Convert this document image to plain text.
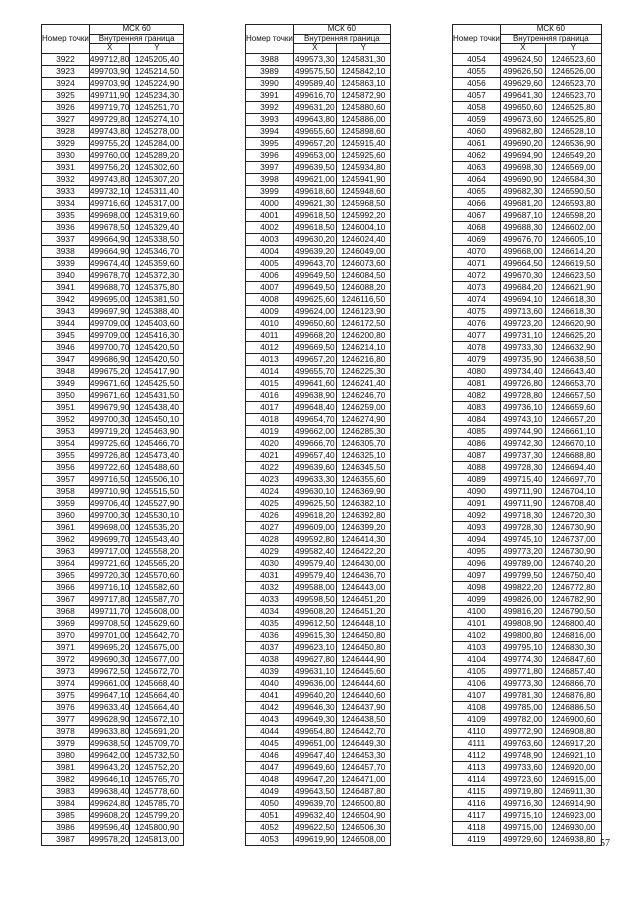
Номер точки	МСК 60	
	Внутренняя граница	
	X	Y
3922	499712,80	1245205,40
3923	499703,90	1245214,50
3924	499703,90	1245224,90
3925	499711,90	1245234,30
3926	499719,70	1245251,70
3927	499729,80	1245274,10
3928	499743,80	1245278,00
3929	499755,20	1245284,00
3930	499760,00	1245289,20
3931	499756,20	1245302,60
3932	499743,80	1245307,20
3933	499732,10	1245311,40
3934	499716,60	1245317,00
3935	499698,00	1245319,60
3936	499678,50	1245329,40
3937	499664,90	1245338,50
3938	499664,90	1245346,70
3939	499674,40	1245359,60
3940	499678,70	1245372,30
3941	499688,70	1245375,80
3942	499695,00	1245381,50
3943	499697,90	1245388,40
3944	499709,00	1245403,60
3945	499709,00	1245416,30
3946	499700,70	1245420,50
3947	499686,90	1245420,50
3948	499675,20	1245417,90
3949	499671,60	1245425,50
3950	499671,60	1245431,50
3951	499679,90	1245438,40
3952	499700,30	1245450,10
3953	499719,20	1245463,90
3954	499725,60	1245466,70
3955	499726,80	1245473,40
3956	499722,60	1245488,60
3957	499716,50	1245506,10
3958	499710,90	1245515,50
3959	499706,40	1245527,90
3960	499700,30	1245530,10
3961	499698,00	1245535,20
3962	499699,70	1245543,40
3963	499717,00	1245558,20
3964	499721,60	1245565,20
3965	499720,30	1245570,60
3966	499716,10	1245582,60
3967	499717,80	1245587,70
3968	499711,70	1245608,00
3969	499708,50	1245629,60
3970	499701,00	1245642,70
3971	499695,20	1245675,00
3972	499690,30	1245677,00
3973	499672,50	1245672,70
3974	499661,00	1245668,40
3975	499647,10	1245664,40
3976	499633,40	1245664,40
3977	499628,90	1245672,10
3978	499633,80	1245691,20
3979	499638,50	1245709,70
3980	499642,00	1245732,50
3981	499643,20	1245752,20
3982	499646,10	1245765,70
3983	499638,40	1245778,60
3984	499624,80	1245785,70
3985	499608,20	1245799,20
3986	499596,40	1245800,90
3987	499578,20	1245813,00
Номер точки	МСК 60	
	Внутренняя граница	
	X	Y
3988	499573,30	1245831,30
3989	499575,50	1245842,10
3990	499589,40	1245863,10
3991	499616,70	1245872,90
3992	499631,20	1245880,60
3993	499643,80	1245886,00
3994	499655,60	1245898,60
3995	499657,20	1245915,40
3996	499653,00	1245925,60
3997	499639,50	1245934,80
3998	499621,00	1245941,90
3999	499618,60	1245948,60
4000	499621,30	1245968,50
4001	499618,50	1245992,20
4002	499618,50	1246004,10
4003	499630,20	1246024,40
4004	499639,20	1246049,00
4005	499643,70	1246073,60
4006	499649,50	1246084,50
4007	499649,50	1246088,20
4008	499625,60	1246116,50
4009	499624,00	1246123,90
4010	499650,60	1246172,50
4011	499668,20	1246200,80
4012	499669,50	1246214,10
4013	499657,20	1246216,80
4014	499655,70	1246225,30
4015	499641,60	1246241,40
4016	499638,90	1246246,70
4017	499648,40	1246259,00
4018	499654,70	1246274,90
4019	499662,00	1246285,30
4020	499666,70	1246305,70
4021	499657,40	1246325,10
4022	499639,60	1246345,50
4023	499633,30	1246355,60
4024	499630,10	1246369,90
4025	499625,50	1246382,10
4026	499618,20	1246392,80
4027	499609,00	1246399,20
4028	499592,80	1246414,30
4029	499582,40	1246422,20
4030	499579,40	1246430,00
4031	499579,40	1246436,70
4032	499588,00	1246443,00
4033	499598,50	1246451,20
4034	499608,20	1246451,20
4035	499612,50	1246448,10
4036	499615,30	1246450,80
4037	499623,10	1246450,80
4038	499627,80	1246444,90
4039	499631,10	1246445,60
4040	499636,00	1246444,60
4041	499640,20	1246440,60
4042	499646,30	1246437,90
4043	499649,30	1246438,50
4044	499654,80	1246442,70
4045	499651,00	1246449,30
4046	499647,40	1246453,30
4047	499649,60	1246457,70
4048	499647,20	1246471,00
4049	499643,50	1246487,80
4050	499639,70	1246500,80
4051	499632,40	1246504,90
4052	499622,50	1246506,30
4053	499619,90	1246508,00
Номер точки	МСК 60	
	Внутренняя граница	
	X	Y
4054	499624,50	1246523,60
4055	499626,50	1246526,00
4056	499629,60	1246523,70
4057	499641,30	1246523,70
4058	499650,60	1246525,80
4059	499673,60	1246525,80
4060	499682,80	1246528,10
4061	499690,20	1246536,90
4062	499694,90	1246549,20
4063	499698,30	1246569,00
4064	499690,90	1246584,30
4065	499682,30	1246590,50
4066	499681,20	1246593,80
4067	499687,10	1246598,20
4068	499688,30	1246602,00
4069	499676,70	1246605,10
4070	499668,00	1246614,20
4071	499664,50	1246619,50
4072	499670,30	1246623,50
4073	499684,20	1246621,90
4074	499694,10	1246618,30
4075	499713,60	1246618,30
4076	499723,20	1246620,90
4077	499731,10	1246625,20
4078	499733,30	1246632,90
4079	499735,90	1246638,50
4080	499734,40	1246643,40
4081	499726,80	1246653,70
4082	499728,80	1246657,50
4083	499736,10	1246659,60
4084	499743,10	1246657,20
4085	499744,90	1246661,10
4086	499742,30	1246670,10
4087	499737,30	1246688,80
4088	499728,30	1246694,40
4089	499715,40	1246697,70
4090	499711,90	1246704,10
4091	499711,90	1246708,40
4092	499718,30	1246720,30
4093	499728,30	1246730,90
4094	499745,10	1246737,00
4095	499773,20	1246730,90
4096	499789,00	1246740,20
4097	499799,50	1246750,40
4098	499822,20	1246772,80
4099	499826,00	1246782,90
4100	499816,20	1246790,50
4101	499808,90	1246800,40
4102	499800,80	1246816,00
4103	499795,10	1246830,30
4104	499774,30	1246847,60
4105	499771,80	1246857,40
4106	499773,30	1246866,70
4107	499781,30	1246876,80
4108	499785,00	1246886,50
4109	499782,00	1246900,60
4110	499772,90	1246908,80
4111	499763,60	1246917,20
4112	499748,90	1246921,10
4113	499733,60	1246920,00
4114	499723,60	1246915,00
4115	499719,80	1246911,30
4116	499716,30	1246914,90
4117	499715,10	1246923,00
4118	499715,00	1246930,00
4119	499729,60	1246938,80 57
